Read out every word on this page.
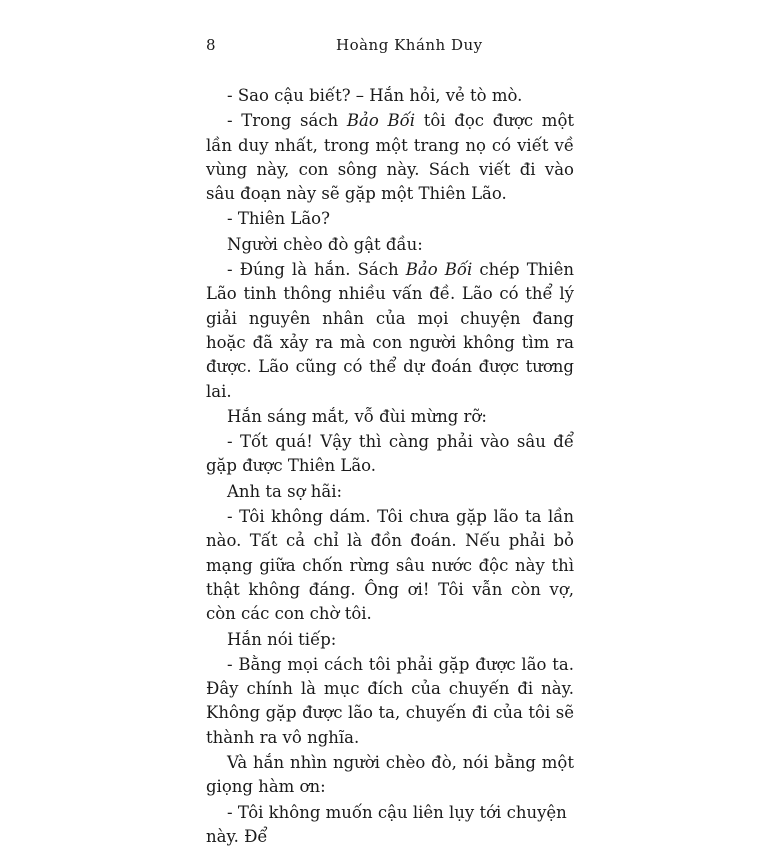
8	Hoàng Khánh Duy

- Sao cậu biết? – Hắn hỏi, vẻ tò mò.

- Trong sách Bảo Bối tôi đọc được một lần duy nhất, trong một trang nọ có viết về vùng này, con sông này. Sách viết đi vào sâu đoạn này sẽ gặp một Thiên Lão.

- Thiên Lão?

Người chèo đò gật đầu:

- Đúng là hắn. Sách Bảo Bối chép Thiên Lão tinh thông nhiều vấn đề. Lão có thể lý giải nguyên nhân của mọi chuyện đang hoặc đã xảy ra mà con người không tìm ra được. Lão cũng có thể dự đoán được tương lai.

Hắn sáng mắt, vỗ đùi mừng rỡ:

- Tốt quá! Vậy thì càng phải vào sâu để gặp được Thiên Lão.

Anh ta sợ hãi:

- Tôi không dám. Tôi chưa gặp lão ta lần nào. Tất cả chỉ là đồn đoán. Nếu phải bỏ mạng giữa chốn rừng sâu nước độc này thì thật không đáng. Ông ơi! Tôi vẫn còn vợ, còn các con chờ tôi.

Hắn nói tiếp:

- Bằng mọi cách tôi phải gặp được lão ta. Đây chính là mục đích của chuyến đi này. Không gặp được lão ta, chuyến đi của tôi sẽ thành ra vô nghĩa.

Và hắn nhìn người chèo đò, nói bằng một giọng hàm ơn:

- Tôi không muốn cậu liên lụy tới chuyện này. Để
